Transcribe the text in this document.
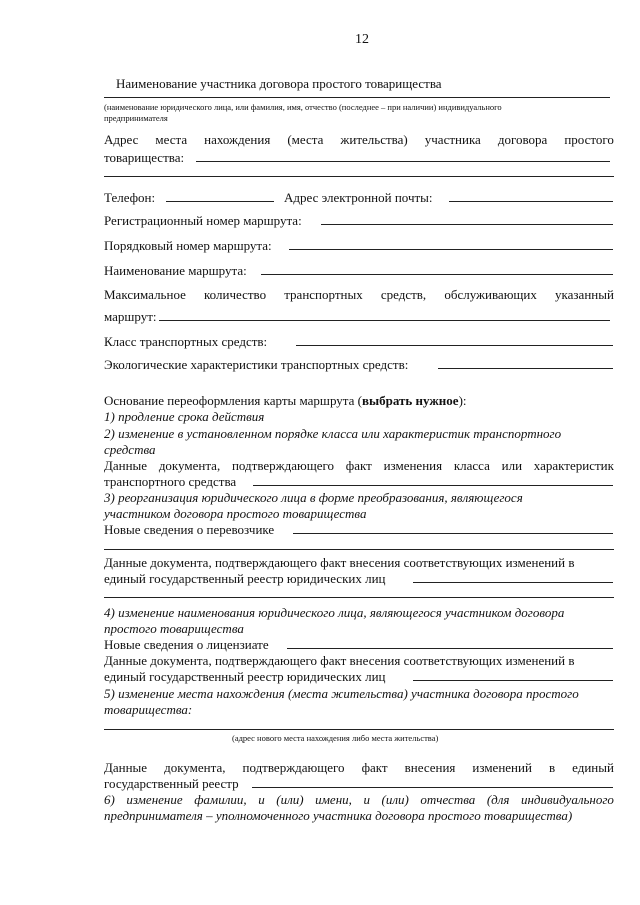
12
Наименование участника договора простого товарищества
(наименование юридического лица, или фамилия, имя, отчество (последнее – при наличии) индивидуального
предпринимателя
Адрес места нахождения (места жительства) участника договора простого
товарищества:
Телефон:	Адрес электронной почты:
Регистрационный номер маршрута:
Порядковый номер маршрута:
Наименование маршрута:
Максимальное количество транспортных средств, обслуживающих указанный
маршрут:
Класс транспортных средств:
Экологические характеристики транспортных средств:
Основание переоформления карты маршрута (выбрать нужное):
1) продление срока действия
2) изменение в установленном порядке класса или характеристик транспортного
средства
Данные документа, подтверждающего факт изменения класса или характеристик
транспортного средства
3) реорганизация юридического лица в форме преобразования, являющегося
участником договора простого товарищества
Новые сведения о перевозчике
Данные документа, подтверждающего факт внесения соответствующих изменений в
единый государственный реестр юридических лиц
4) изменение наименования юридического лица, являющегося участником договора
простого товарищества
Новые сведения о лицензиате
Данные документа, подтверждающего факт внесения соответствующих изменений в
единый государственный реестр юридических лиц
5) изменение места нахождения (места жительства) участника договора простого
товарищества:
(адрес нового места нахождения либо места жительства)
Данные документа, подтверждающего факт внесения изменений в единый
государственный реестр
6) изменение фамилии, и (или) имени, и (или) отчества (для индивидуального
предпринимателя – уполномоченного участника договора простого товарищества)
